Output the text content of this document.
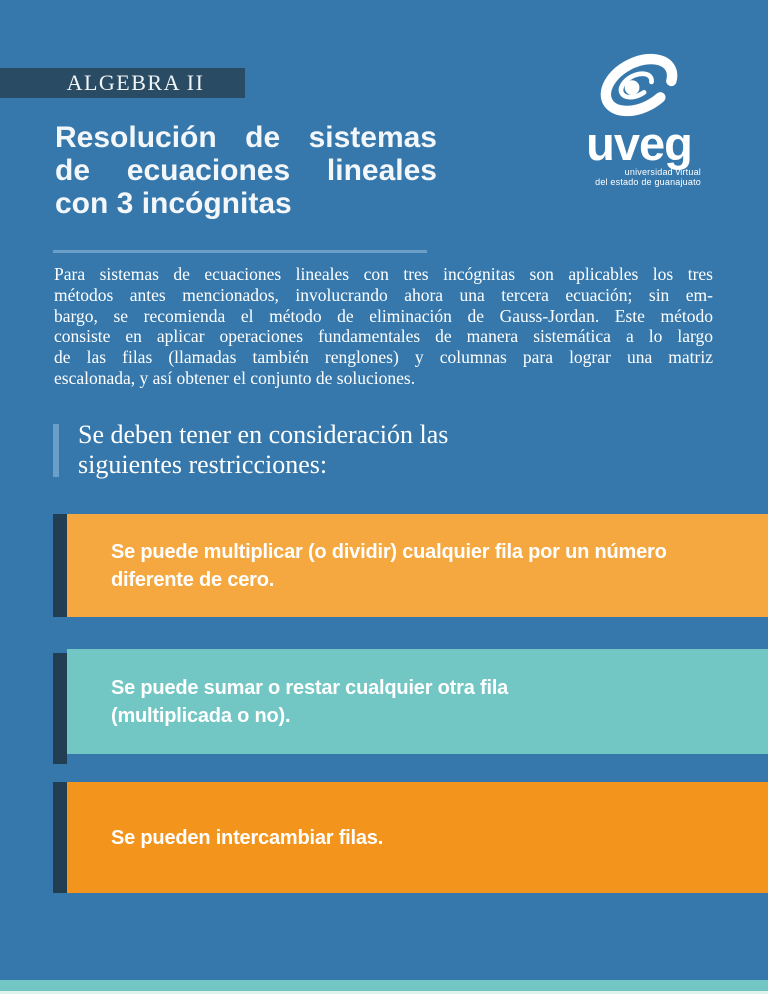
ALGEBRA II
uveg
universidad virtual
del estado de guanajuato
Resolución de sistemas
de ecuaciones lineales
con 3 incógnitas
Para sistemas de ecuaciones lineales con tres incógnitas son aplicables los tres
métodos antes mencionados, involucrando ahora una tercera ecuación; sin em-
bargo, se recomienda el método de eliminación de Gauss-Jordan. Este método
consiste en aplicar operaciones fundamentales de manera sistemática a lo largo
de las filas (llamadas también renglones) y columnas para lograr una matriz
escalonada, y así obtener el conjunto de soluciones.
Se deben tener en consideración las
siguientes restricciones:
Se puede multiplicar (o dividir) cualquier fila por un número
diferente de cero.
Se puede sumar o restar cualquier otra fila
(multiplicada o no).
Se pueden intercambiar filas.
